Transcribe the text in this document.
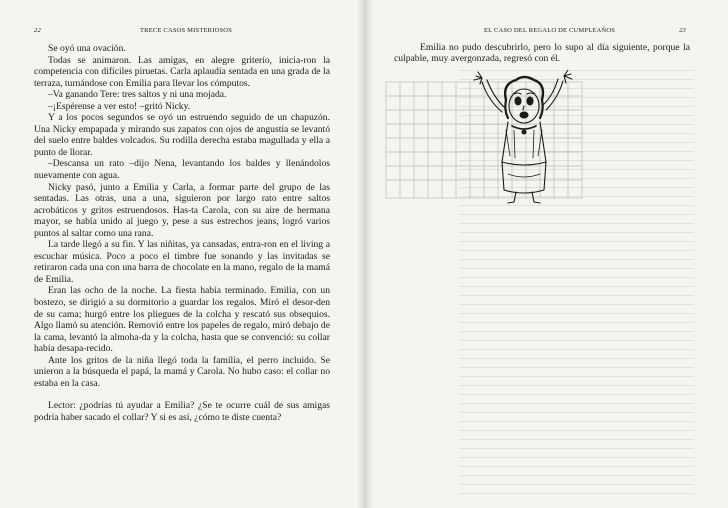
22	TRECE CASOS MISTERIOSOS

Se oyó una ovación.

Todas se animaron. Las amigas, en alegre griterío, inicia-ron la competencia con difíciles piruetas. Carla aplaudía sentada en una grada de la terraza, turnándose con Emilia para llevar los cómputos.

–Va ganando Tere: tres saltos y ni una mojada.

–¡Espérense a ver esto! –gritó Nicky.

Y a los pocos segundos se oyó un estruendo seguido de un chapuzón. Una Nicky empapada y mirando sus zapatos con ojos de angustia se levantó del suelo entre baldes volcados. Su rodilla derecha estaba magullada y ella a punto de llorar.

–Descansa un rato –dijo Nena, levantando los baldes y llenándolos nuevamente con agua.

Nicky pasó, junto a Emilia y Carla, a formar parte del grupo de las sentadas. Las otras, una a una, siguieron por largo rato entre saltos acrobáticos y gritos estruendosos. Has-ta Carola, con su aire de hermana mayor, se había unido al juego y, pese a sus estrechos jeans, logró varios puntos al saltar como una rana.

La tarde llegó a su fin. Y las niñitas, ya cansadas, entra-ron en el living a escuchar música. Poco a poco el timbre fue sonando y las invitadas se retiraron cada una con una barra de chocolate en la mano, regalo de la mamá de Emilia.

Eran las ocho de la noche. La fiesta había terminado. Emilia, con un bostezo, se dirigió a su dormitorio a guardar los regalos. Miró el desor-den de su cama; hurgó entre los pliegues de la colcha y rescató sus obsequios. Algo llamó su atención. Removió entre los papeles de regalo, miró debajo de la cama, levantó la almoha-da y la colcha, hasta que se convenció: su collar había desapa-recido.

Ante los gritos de la niña llegó toda la familia, el perro incluido. Se unieron a la búsqueda el papá, la mamá y Carola. No hubo caso: el collar no estaba en la casa.

Lector: ¿podrías tú ayudar a Emilia? ¿Se te ocurre cuál de sus amigas podría haber sacado el collar? Y si es así, ¿cómo te diste cuenta?

EL CASO DEL REGALO DE CUMPLEAÑOS	23

Emilia no pudo descubrirlo, pero lo supo al día siguiente, porque la culpable, muy avergonzada, regresó con él.
